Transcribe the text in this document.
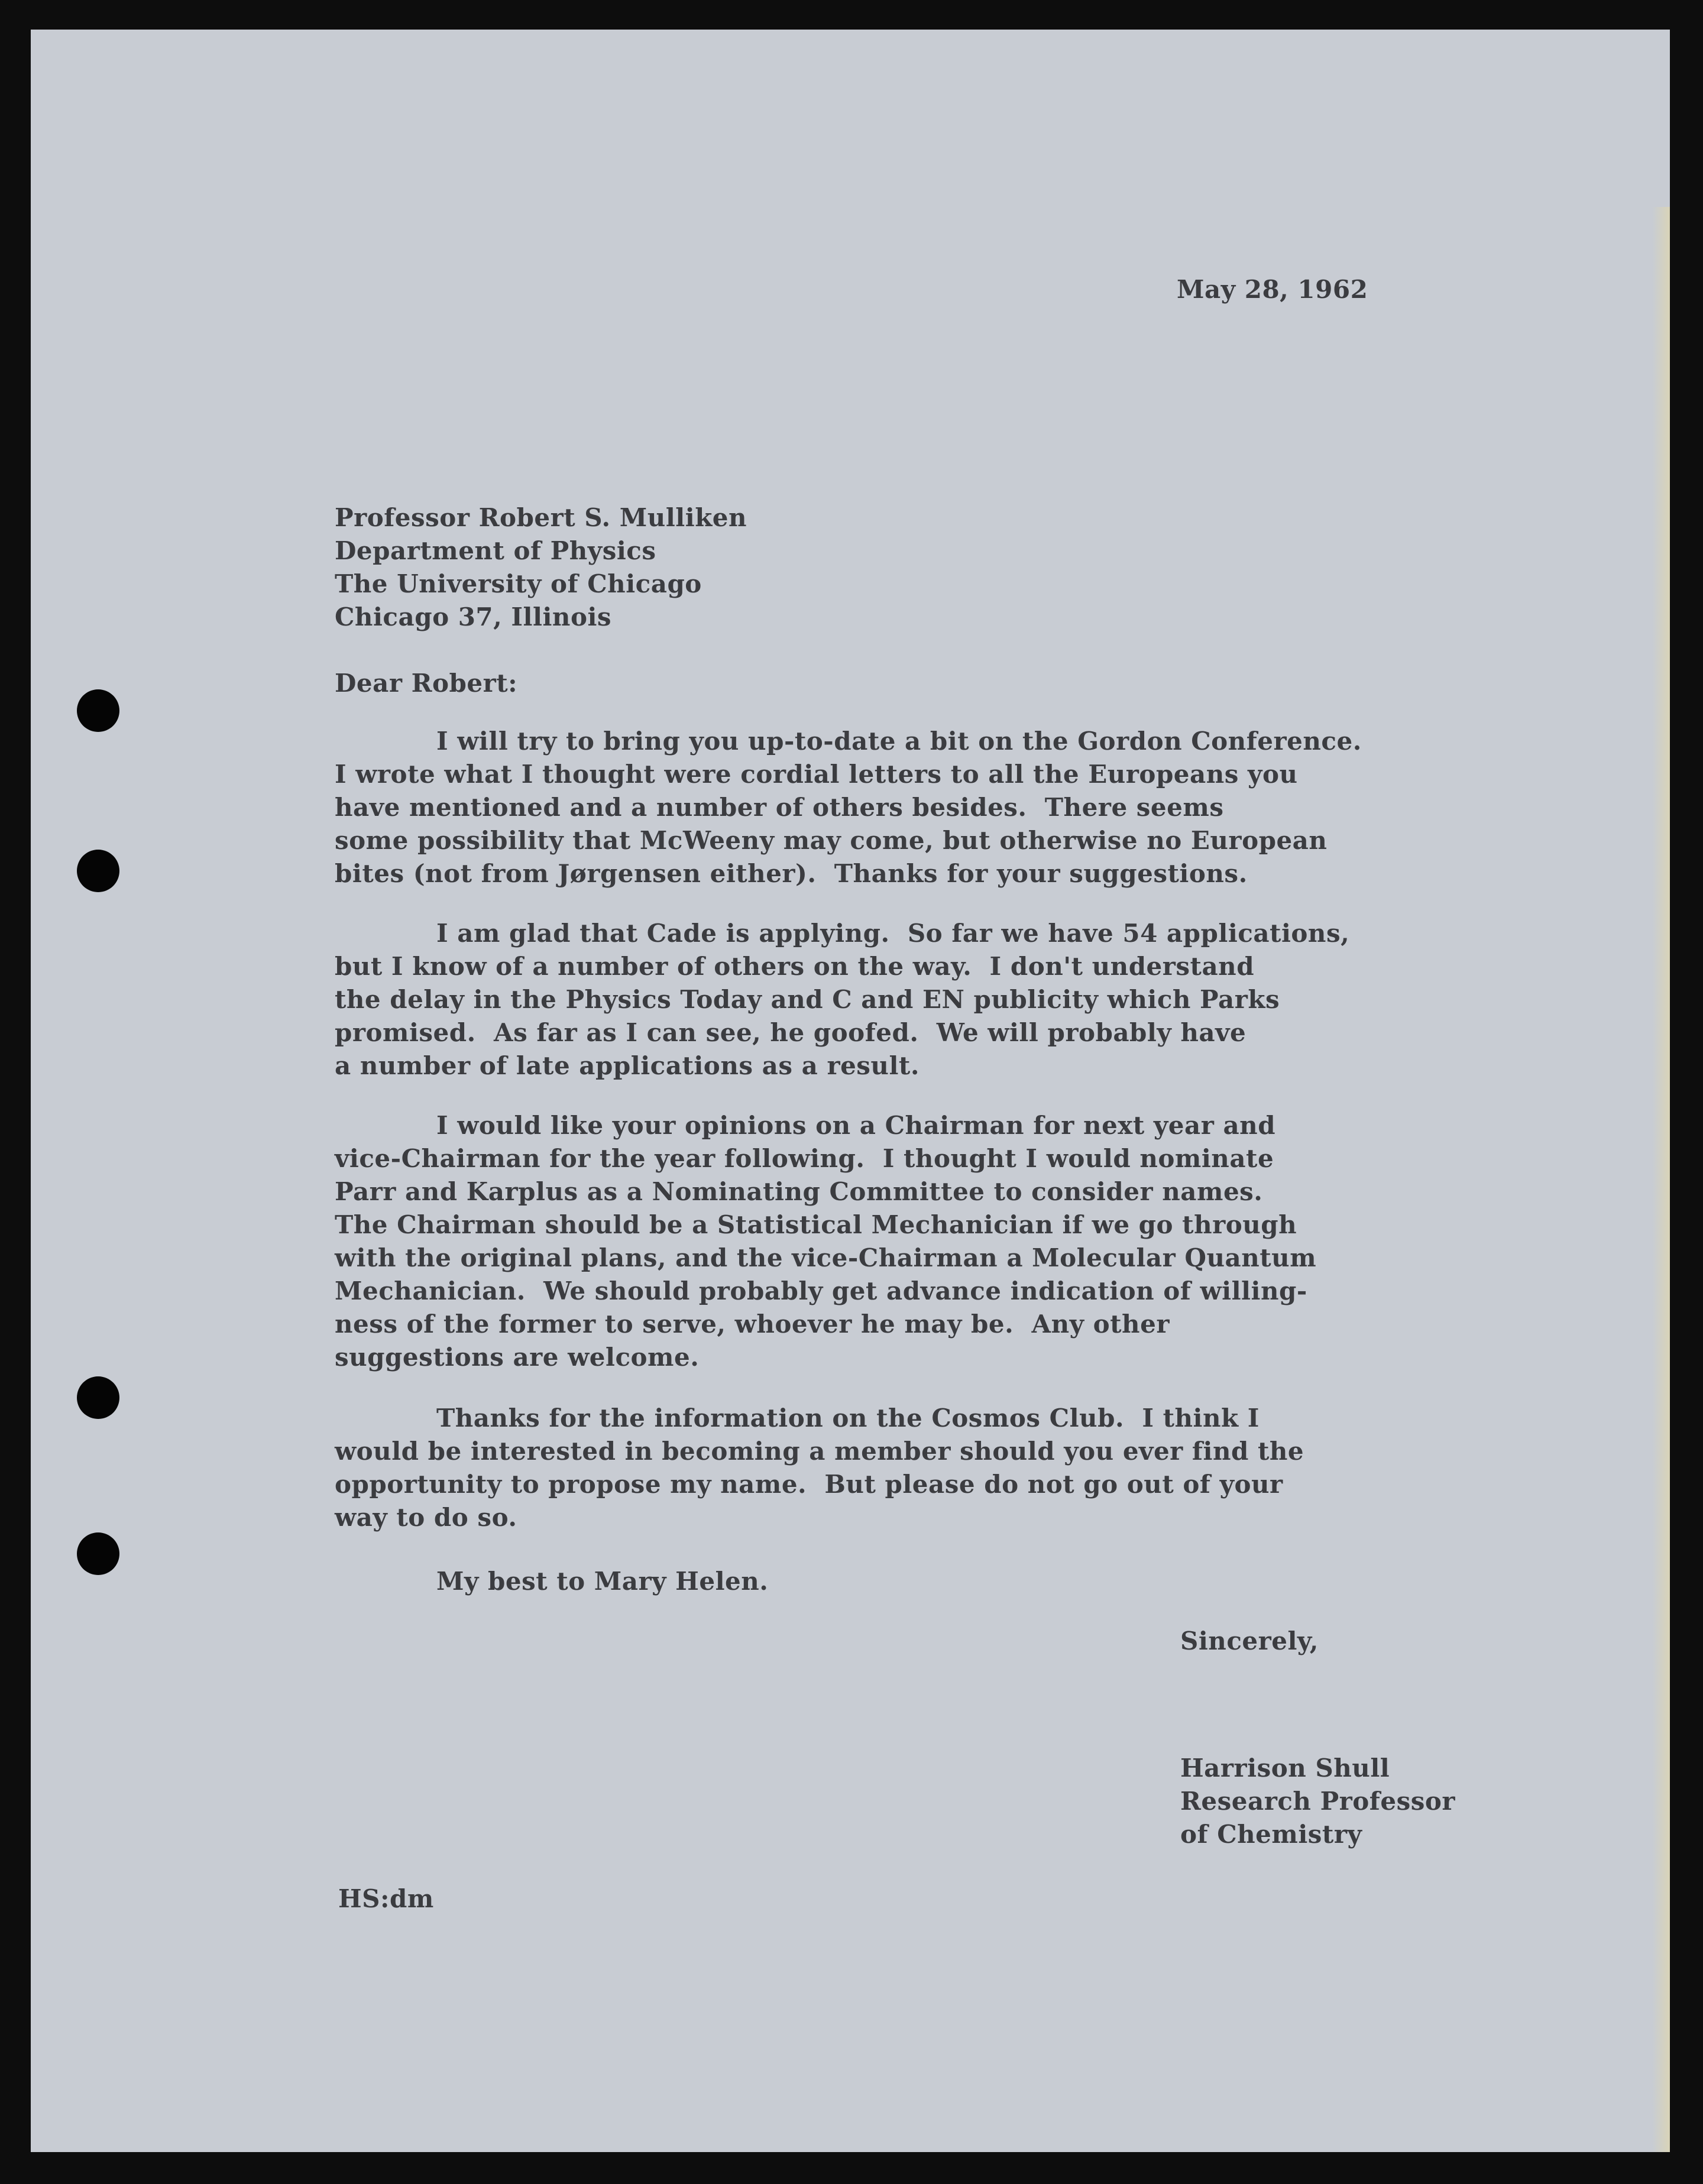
May 28, 1962
Professor Robert S. Mulliken
Department of Physics
The University of Chicago
Chicago 37, Illinois
Dear Robert:
I will try to bring you up-to-date a bit on the Gordon Conference.
I wrote what I thought were cordial letters to all the Europeans you
have mentioned and a number of others besides.  There seems
some possibility that McWeeny may come, but otherwise no European
bites (not from Jørgensen either).  Thanks for your suggestions.
I am glad that Cade is applying.  So far we have 54 applications,
but I know of a number of others on the way.  I don't understand
the delay in the Physics Today and C and EN publicity which Parks
promised.  As far as I can see, he goofed.  We will probably have
a number of late applications as a result.
I would like your opinions on a Chairman for next year and
vice-Chairman for the year following.  I thought I would nominate
Parr and Karplus as a Nominating Committee to consider names.
The Chairman should be a Statistical Mechanician if we go through
with the original plans, and the vice-Chairman a Molecular Quantum
Mechanician.  We should probably get advance indication of willing-
ness of the former to serve, whoever he may be.  Any other
suggestions are welcome.
Thanks for the information on the Cosmos Club.  I think I
would be interested in becoming a member should you ever find the
opportunity to propose my name.  But please do not go out of your
way to do so.
My best to Mary Helen.
Sincerely,
Harrison Shull
Research Professor
of Chemistry
HS:dm
